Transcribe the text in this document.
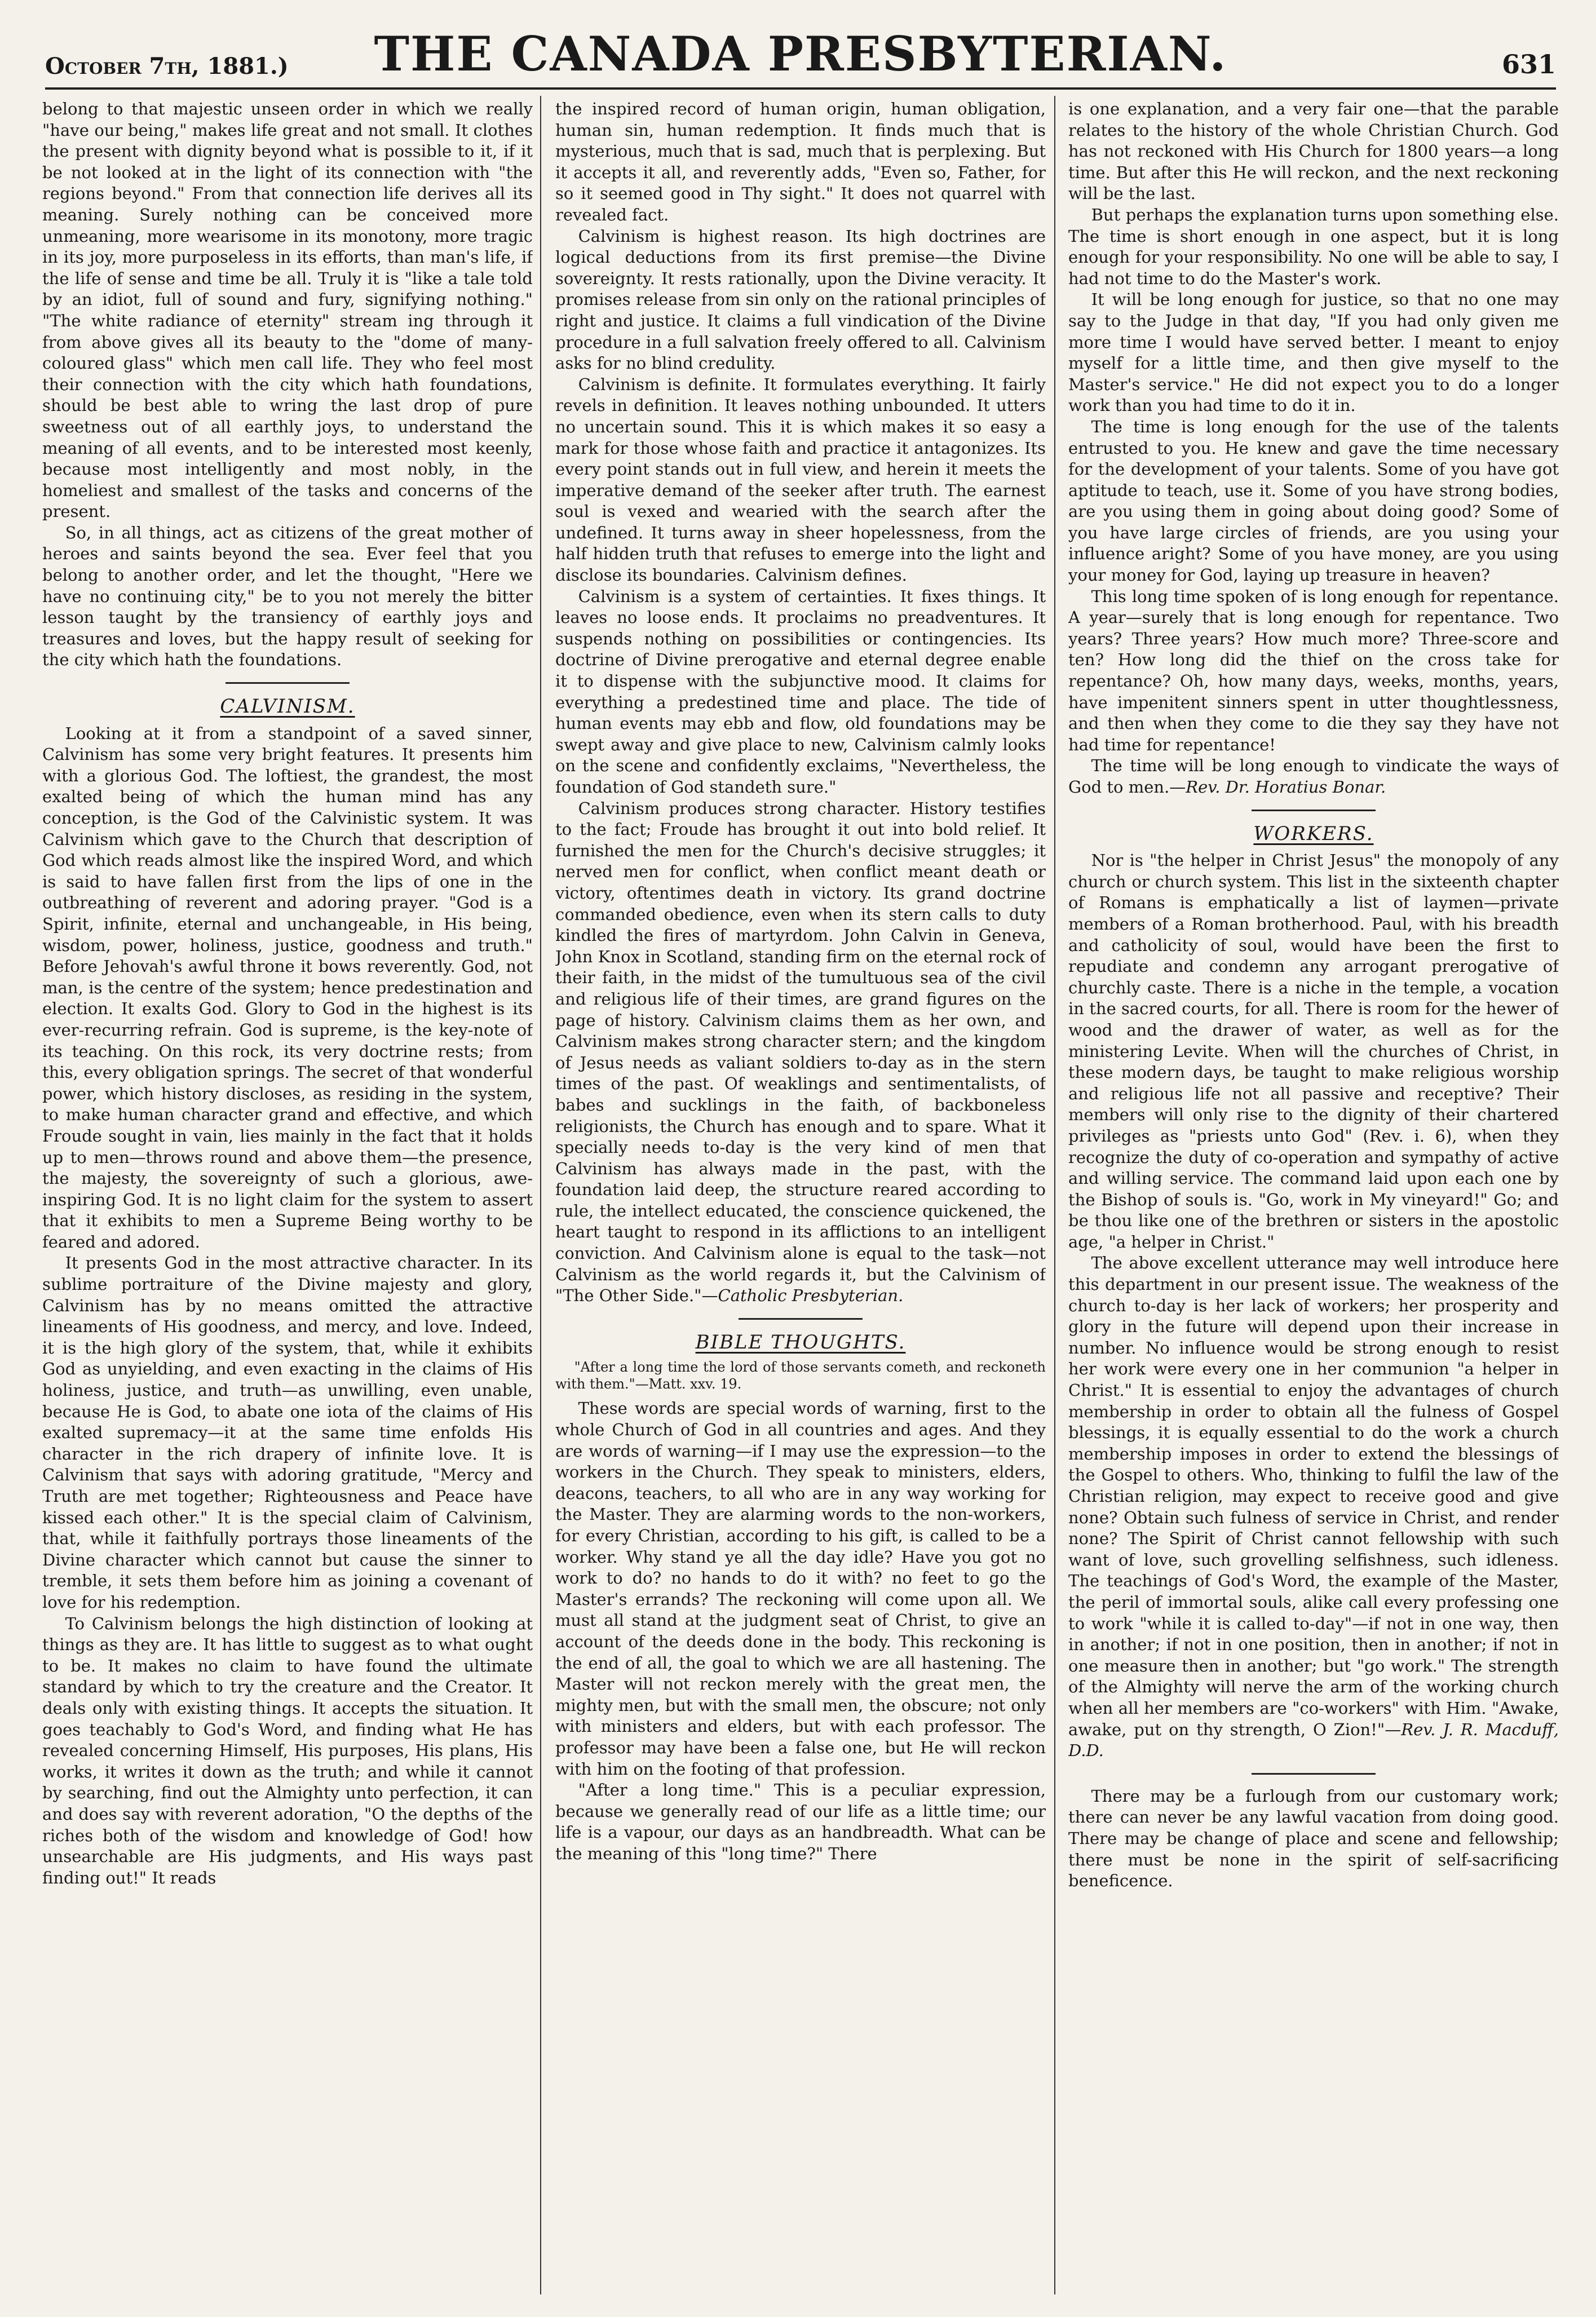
October 7th, 1881.)	THE CANADA PRESBYTERIAN.	631

belong to that majestic unseen order in which we really "have our being," makes life great and not small. It clothes the present with dignity beyond what is possible to it, if it be not looked at in the light of its connection with "the regions beyond." From that connection life derives all its meaning. Surely nothing can be conceived more unmeaning, more wearisome in its monotony, more tragic in its joy, more purposeless in its efforts, than man's life, if the life of sense and time be all. Truly it is "like a tale told by an idiot, full of sound and fury, signifying nothing." "The white radiance of eternity" stream ing through it from above gives all its beauty to the "dome of many-coloured glass" which men call life. They who feel most their connection with the city which hath foundations, should be best able to wring the last drop of pure sweetness out of all earthly joys, to understand the meaning of all events, and to be interested most keenly, because most intelligently and most nobly, in the homeliest and smallest of the tasks and concerns of the present.

So, in all things, act as citizens of the great mother of heroes and saints beyond the sea. Ever feel that you belong to another order, and let the thought, "Here we have no continuing city," be to you not merely the bitter lesson taught by the transiency of earthly joys and treasures and loves, but the happy result of seeking for the city which hath the foundations.

CALVINISM.

Looking at it from a standpoint of a saved sinner, Calvinism has some very bright features. It presents him with a glorious God. The loftiest, the grandest, the most exalted being of which the human mind has any conception, is the God of the Calvinistic system. It was Calvinism which gave to the Church that description of God which reads almost like the inspired Word, and which is said to have fallen first from the lips of one in the outbreathing of reverent and adoring prayer. "God is a Spirit, infinite, eternal and unchangeable, in His being, wisdom, power, holiness, justice, goodness and truth." Before Jehovah's awful throne it bows reverently. God, not man, is the centre of the system; hence predestination and election. It exalts God. Glory to God in the highest is its ever-recurring refrain. God is supreme, is the key-note of its teaching. On this rock, its very doctrine rests; from this, every obligation springs. The secret of that wonderful power, which history discloses, as residing in the system, to make human character grand and effective, and which Froude sought in vain, lies mainly in the fact that it holds up to men—throws round and above them—the presence, the majesty, the sovereignty of such a glorious, awe-inspiring God. It is no light claim for the system to assert that it exhibits to men a Supreme Being worthy to be feared and adored.

It presents God in the most attractive character. In its sublime portraiture of the Divine majesty and glory, Calvinism has by no means omitted the attractive lineaments of His goodness, and mercy, and love. Indeed, it is the high glory of the system, that, while it exhibits God as unyielding, and even exacting in the claims of His holiness, justice, and truth—as unwilling, even unable, because He is God, to abate one iota of the claims of His exalted supremacy—it at the same time enfolds His character in the rich drapery of infinite love. It is Calvinism that says with adoring gratitude, "Mercy and Truth are met together; Righteousness and Peace have kissed each other." It is the special claim of Calvinism, that, while it faithfully portrays those lineaments of the Divine character which cannot but cause the sinner to tremble, it sets them before him as joining a covenant of love for his redemption.

To Calvinism belongs the high distinction of looking at things as they are. It has little to suggest as to what ought to be. It makes no claim to have found the ultimate standard by which to try the creature and the Creator. It deals only with existing things. It accepts the situation. It goes teachably to God's Word, and finding what He has revealed concerning Himself, His purposes, His plans, His works, it writes it down as the truth; and while it cannot by searching, find out the Almighty unto perfection, it can and does say with reverent adoration, "O the depths of the riches both of the wisdom and knowledge of God! how unsearchable are His judgments, and His ways past finding out!" It reads

the inspired record of human origin, human obligation, human sin, human redemption. It finds much that is mysterious, much that is sad, much that is perplexing. But it accepts it all, and reverently adds, "Even so, Father, for so it seemed good in Thy sight." It does not quarrel with revealed fact.

Calvinism is highest reason. Its high doctrines are logical deductions from its first premise—the Divine sovereignty. It rests rationally, upon the Divine veracity. It promises release from sin only on the rational principles of right and justice. It claims a full vindication of the Divine procedure in a full salvation freely offered to all. Calvinism asks for no blind credulity.

Calvinism is definite. It formulates everything. It fairly revels in definition. It leaves nothing unbounded. It utters no uncertain sound. This it is which makes it so easy a mark for those whose faith and practice it antagonizes. Its every point stands out in full view, and herein it meets the imperative demand of the seeker after truth. The earnest soul is vexed and wearied with the search after the undefined. It turns away in sheer hopelessness, from the half hidden truth that refuses to emerge into the light and disclose its boundaries. Calvinism defines.

Calvinism is a system of certainties. It fixes things. It leaves no loose ends. It proclaims no preadventures. It suspends nothing on possibilities or contingencies. Its doctrine of Divine prerogative and eternal degree enable it to dispense with the subjunctive mood. It claims for everything a predestined time and place. The tide of human events may ebb and flow, old foundations may be swept away and give place to new, Calvinism calmly looks on the scene and confidently exclaims, "Nevertheless, the foundation of God standeth sure."

Calvinism produces strong character. History testifies to the fact; Froude has brought it out into bold relief. It furnished the men for the Church's decisive struggles; it nerved men for conflict, when conflict meant death or victory, oftentimes death in victory. Its grand doctrine commanded obedience, even when its stern calls to duty kindled the fires of martyrdom. John Calvin in Geneva, John Knox in Scotland, standing firm on the eternal rock of their faith, in the midst of the tumultuous sea of the civil and religious life of their times, are grand figures on the page of history. Calvinism claims them as her own, and Calvinism makes strong character stern; and the kingdom of Jesus needs as valiant soldiers to-day as in the stern times of the past. Of weaklings and sentimentalists, of babes and sucklings in the faith, of backboneless religionists, the Church has enough and to spare. What it specially needs to-day is the very kind of men that Calvinism has always made in the past, with the foundation laid deep, the structure reared according to rule, the intellect educated, the conscience quickened, the heart taught to respond in its afflictions to an intelligent conviction. And Calvinism alone is equal to the task—not Calvinism as the world regards it, but the Calvinism of "The Other Side."—Catholic Presbyterian.

BIBLE THOUGHTS.

"After a long time the lord of those servants cometh, and reckoneth with them."—Matt. xxv. 19.

These words are special words of warning, first to the whole Church of God in all countries and ages. And they are words of warning—if I may use the expression—to the workers in the Church. They speak to ministers, elders, deacons, teachers, to all who are in any way working for the Master. They are alarming words to the non-workers, for every Christian, according to his gift, is called to be a worker. Why stand ye all the day idle? Have you got no work to do? no hands to do it with? no feet to go the Master's errands? The reckoning will come upon all. We must all stand at the judgment seat of Christ, to give an account of the deeds done in the body. This reckoning is the end of all, the goal to which we are all hastening. The Master will not reckon merely with the great men, the mighty men, but with the small men, the obscure; not only with ministers and elders, but with each professor. The professor may have been a false one, but He will reckon with him on the footing of that profession.

"After a long time." This is a peculiar expression, because we generally read of our life as a little time; our life is a vapour, our days as an handbreadth. What can be the meaning of this "long time?" There

is one explanation, and a very fair one—that the parable relates to the history of the whole Christian Church. God has not reckoned with His Church for 1800 years—a long time. But after this He will reckon, and the next reckoning will be the last.

But perhaps the explanation turns upon something else. The time is short enough in one aspect, but it is long enough for your responsibility. No one will be able to say, I had not time to do the Master's work.

It will be long enough for justice, so that no one may say to the Judge in that day, "If you had only given me more time I would have served better. I meant to enjoy myself for a little time, and then give myself to the Master's service." He did not expect you to do a longer work than you had time to do it in.

The time is long enough for the use of the talents entrusted to you. He knew and gave the time necessary for the development of your talents. Some of you have got aptitude to teach, use it. Some of you have strong bodies, are you using them in going about doing good? Some of you have large circles of friends, are you using your influence aright? Some of you have money, are you using your money for God, laying up treasure in heaven?

This long time spoken of is long enough for repentance. A year—surely that is long enough for repentance. Two years? Three years? How much more? Three-score and ten? How long did the thief on the cross take for repentance? Oh, how many days, weeks, months, years, have impenitent sinners spent in utter thoughtlessness, and then when they come to die they say they have not had time for repentance!

The time will be long enough to vindicate the ways of God to men.—Rev. Dr. Horatius Bonar.

WORKERS.

Nor is "the helper in Christ Jesus" the monopoly of any church or church system. This list in the sixteenth chapter of Romans is emphatically a list of laymen—private members of a Roman brotherhood. Paul, with his breadth and catholicity of soul, would have been the first to repudiate and condemn any arrogant prerogative of churchly caste. There is a niche in the temple, a vocation in the sacred courts, for all. There is room for the hewer of wood and the drawer of water, as well as for the ministering Levite. When will the churches of Christ, in these modern days, be taught to make religious worship and religious life not all passive and receptive? Their members will only rise to the dignity of their chartered privileges as "priests unto God" (Rev. i. 6), when they recognize the duty of co-operation and sympathy of active and willing service. The command laid upon each one by the Bishop of souls is. "Go, work in My vineyard!" Go; and be thou like one of the brethren or sisters in the apostolic age, "a helper in Christ."

The above excellent utterance may well introduce here this department in our present issue. The weakness of the church to-day is her lack of workers; her prosperity and glory in the future will depend upon their increase in number. No influence would be strong enough to resist her work were every one in her communion "a helper in Christ." It is essential to enjoy the advantages of church membership in order to obtain all the fulness of Gospel blessings, it is equally essential to do the work a church membership imposes in order to extend the blessings of the Gospel to others. Who, thinking to fulfil the law of the Christian religion, may expect to receive good and give none? Obtain such fulness of service in Christ, and render none? The Spirit of Christ cannot fellowship with such want of love, such grovelling selfishness, such idleness. The teachings of God's Word, the example of the Master, the peril of immortal souls, alike call every professing one to work "while it is called to-day"—if not in one way, then in another; if not in one position, then in another; if not in one measure then in another; but "go work." The strength of the Almighty will nerve the arm of the working church when all her members are "co-workers" with Him. "Awake, awake, put on thy strength, O Zion!"—Rev. J. R. Macduff, D.D.

There may be a furlough from our customary work; there can never be any lawful vacation from doing good. There may be change of place and scene and fellowship; there must be none in the spirit of self-sacrificing beneficence.
